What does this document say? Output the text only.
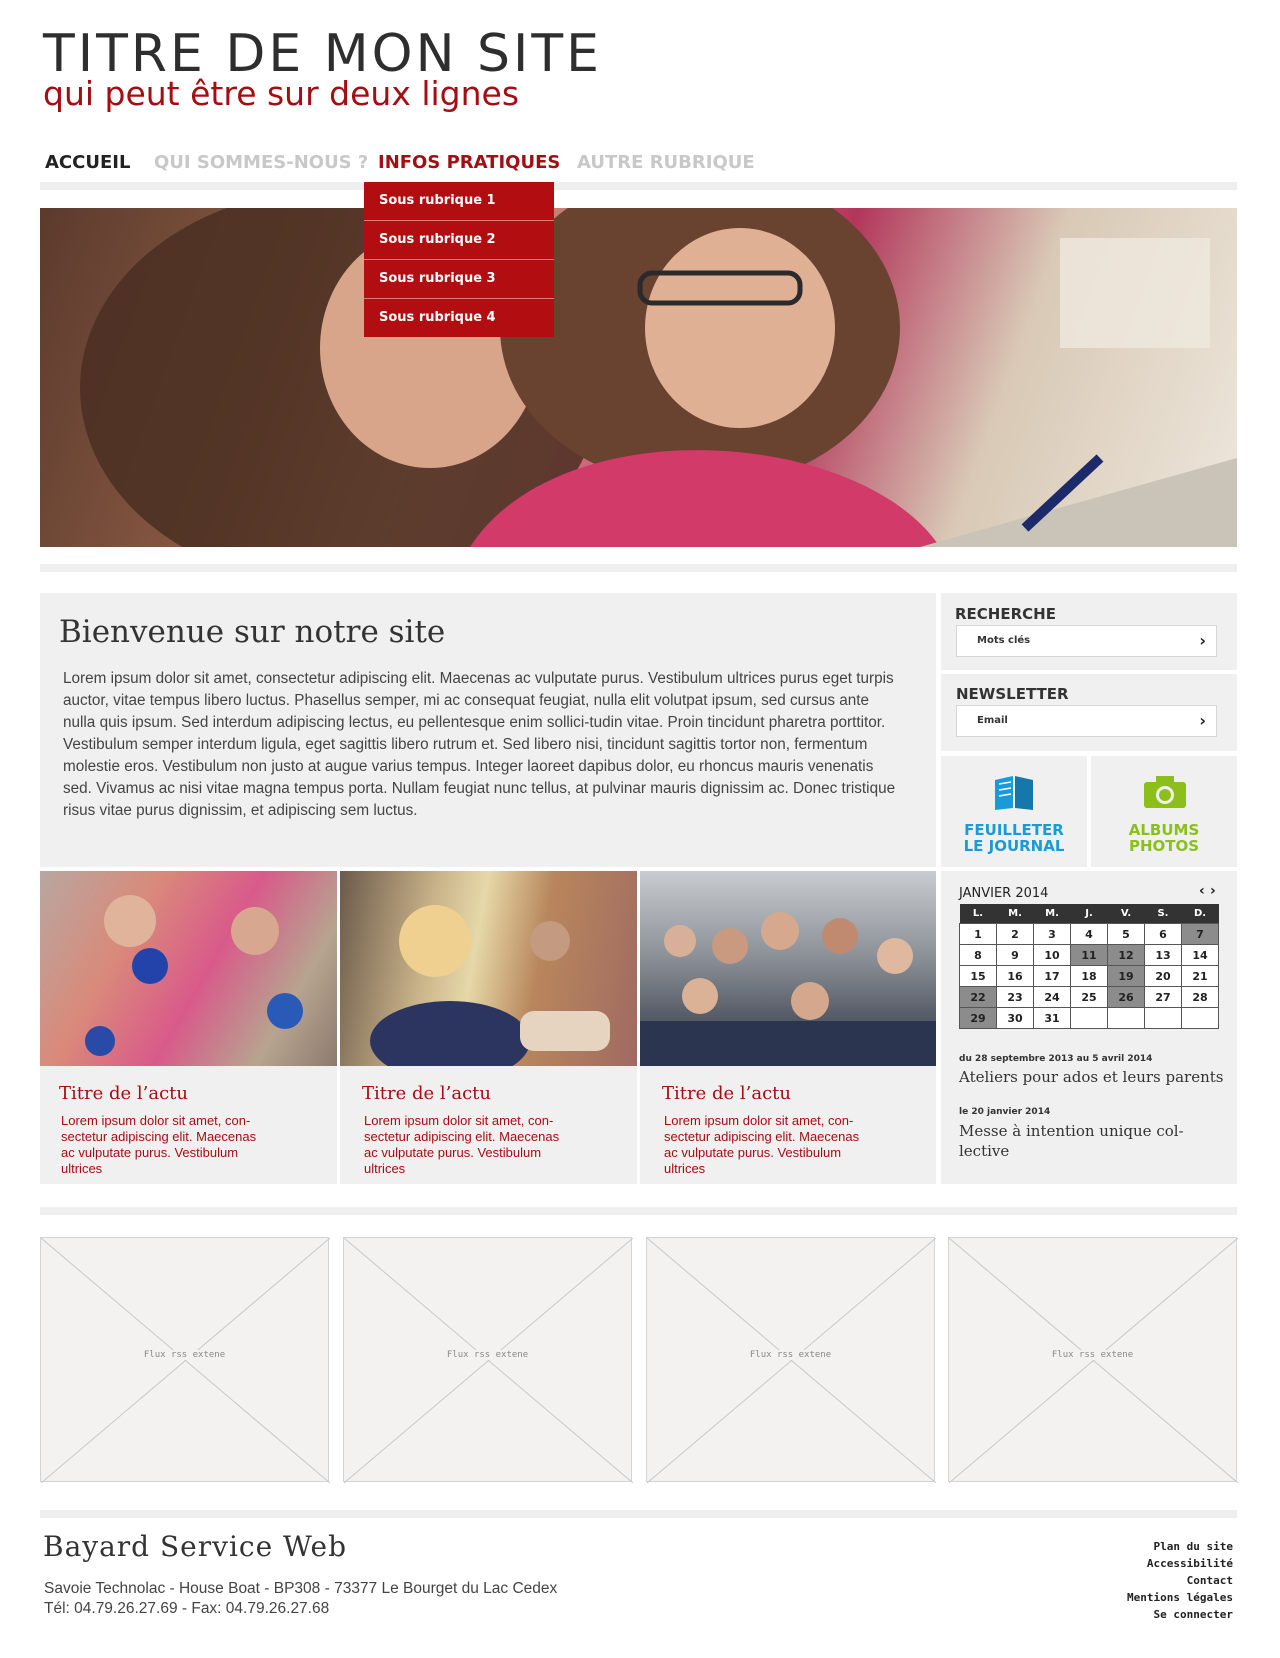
TITRE DE MON SITE
qui peut être sur deux lignes
ACCUEIL QUI SOMMES-NOUS ? INFOS PRATIQUES AUTRE RUBRIQUE
Sous rubrique 1
Sous rubrique 2
Sous rubrique 3
Sous rubrique 4
Bienvenue sur notre site
Lorem ipsum dolor sit amet, consectetur adipiscing elit. Maecenas ac vulputate purus. Vestibulum ultrices purus eget turpis auctor, vitae tempus libero luctus. Phasellus semper, mi ac consequat feugiat, nulla elit volutpat ipsum, sed cursus ante nulla quis ipsum. Sed interdum adipiscing lectus, eu pellentesque enim sollici-tudin vitae. Proin tincidunt pharetra porttitor. Vestibulum semper interdum ligula, eget sagittis libero rutrum et. Sed libero nisi, tincidunt sagittis tortor non, fermentum molestie eros. Vestibulum non justo at augue varius tempus. Integer laoreet dapibus dolor, eu rhoncus mauris venenatis sed. Vivamus ac nisi vitae magna tempus porta. Nullam feugiat nunc tellus, at pulvinar mauris dignissim ac. Donec tristique risus vitae purus dignissim, et adipiscing sem luctus.
RECHERCHE
Mots clés	›
NEWSLETTER
Email	›
FEUILLETER
LE JOURNAL
ALBUMS
PHOTOS
Titre de l’actu
Lorem ipsum dolor sit amet, con-sectetur adipiscing elit. Maecenas ac vulputate purus. Vestibulum ultrices
Titre de l’actu
Lorem ipsum dolor sit amet, con-sectetur adipiscing elit. Maecenas ac vulputate purus. Vestibulum ultrices
Titre de l’actu
Lorem ipsum dolor sit amet, con-sectetur adipiscing elit. Maecenas ac vulputate purus. Vestibulum ultrices
JANVIER 2014	‹ ›
L.	M.	M.	J.	V.	S.	D.
1	2	3	4	5	6	7
8	9	10	11	12	13	14
15	16	17	18	19	20	21
22	23	24	25	26	27	28
29	30	31				
du 28 septembre 2013 au 5 avril 2014
Ateliers pour ados et leurs parents
le 20 janvier 2014
Messe à intention unique col-lective
Flux rss extene	Flux rss extene	Flux rss extene	Flux rss extene
Bayard Service Web
Savoie Technolac - House Boat - BP308 - 73377 Le Bourget du Lac Cedex
Tél: 04.79.26.27.69 - Fax: 04.79.26.27.68
Plan du site
Accessibilité
Contact
Mentions légales
Se connecter
